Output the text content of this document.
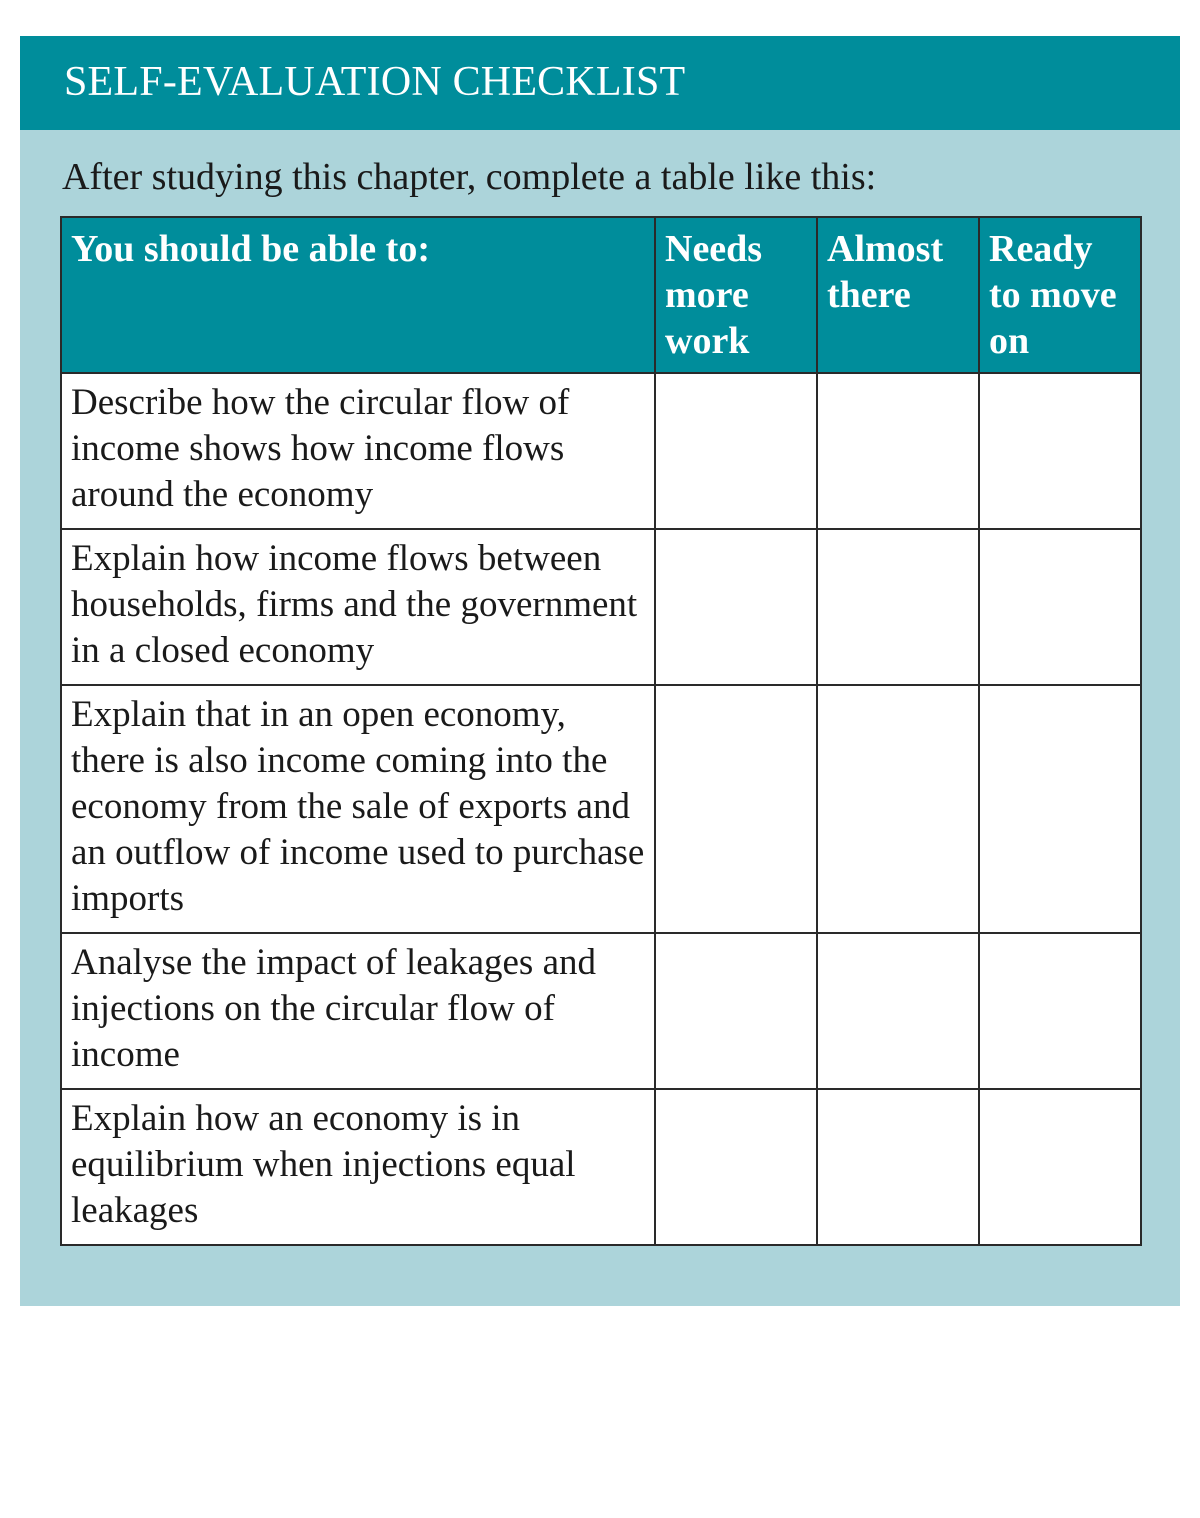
SELF-EVALUATION CHECKLIST
After studying this chapter, complete a table like this:
You should be able to:	Needs more work	Almost there	Ready to move on
Describe how the circular flow of income shows how income flows around the economy			
Explain how income flows between households, firms and the government in a closed economy			
Explain that in an open economy, there is also income coming into the economy from the sale of exports and an outflow of income used to purchase imports			
Analyse the impact of leakages and injections on the circular flow of income			
Explain how an economy is in equilibrium when injections equal leakages			
